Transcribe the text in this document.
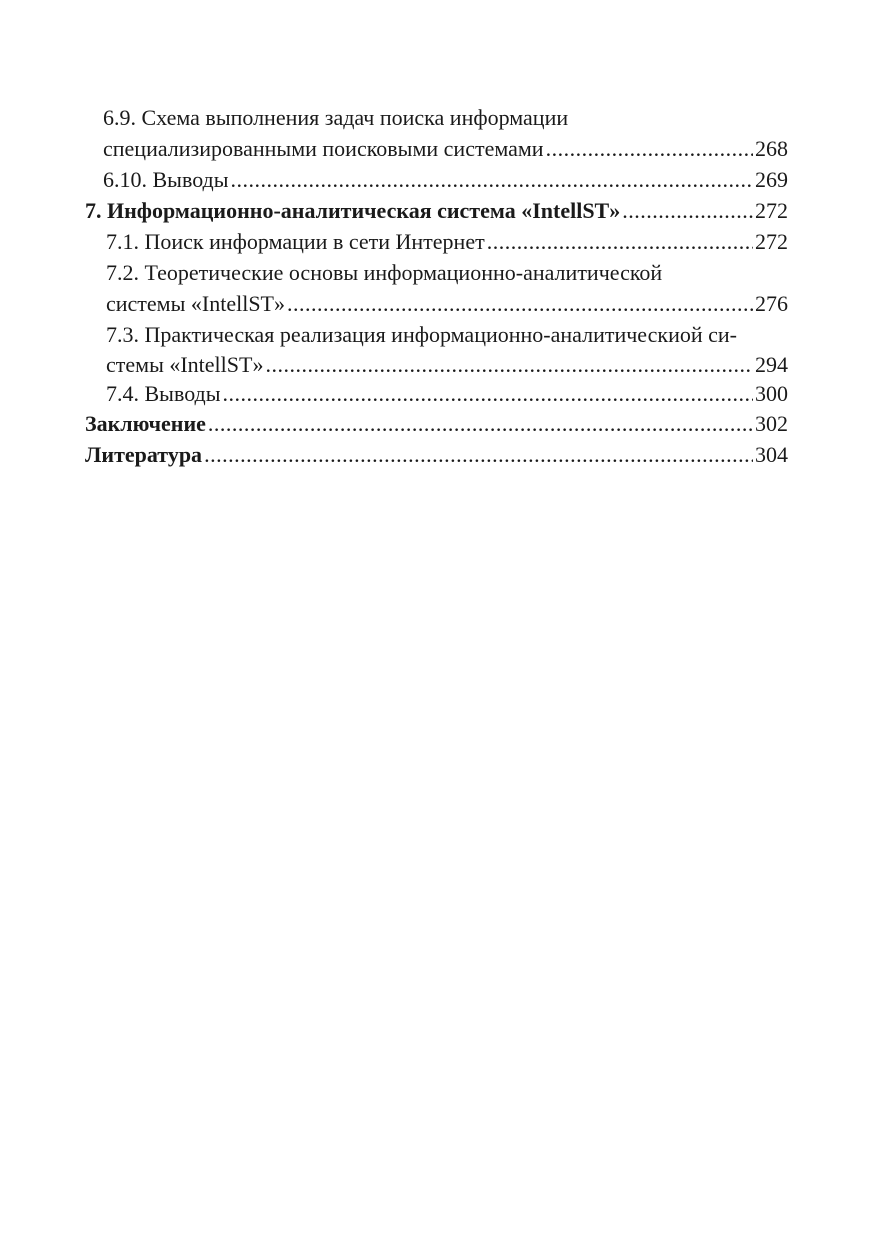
6.9. Схема выполнения задач поиска информации
специализированными поисковыми системами .....	268
6.10. Выводы .....	269
7. Информационно-аналитическая система «IntellST» .....	272
7.1. Поиск информации в сети Интернет .....	272
7.2. Теоретические основы информационно-аналитической
системы «IntellST» .....	276
7.3. Практическая реализация информационно-аналитическиой си-
стемы «IntellST» .....	294
7.4. Выводы .....	300
Заключение .....	302
Литература .....	304
